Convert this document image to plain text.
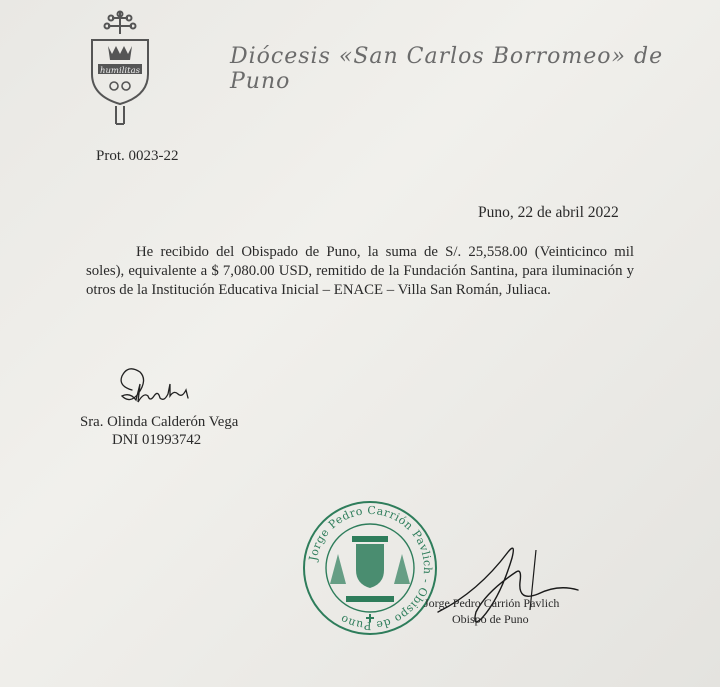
humilitas
Diócesis «San Carlos Borromeo» de Puno
Prot. 0023-22
Puno, 22 de abril 2022
He recibido del Obispado de Puno, la suma de S/. 25,558.00 (Veinticinco mil soles), equivalente a $ 7,080.00 USD, remitido de la Fundación Santina, para iluminación y otros de la Institución Educativa Inicial – ENACE – Villa San Román, Juliaca.
Sra. Olinda Calderón Vega
DNI 01993742
Jorge Pedro Carrión Pavlich - Obispo de Puno
Jorge Pedro Carrión Pavlich
Obispo de Puno
